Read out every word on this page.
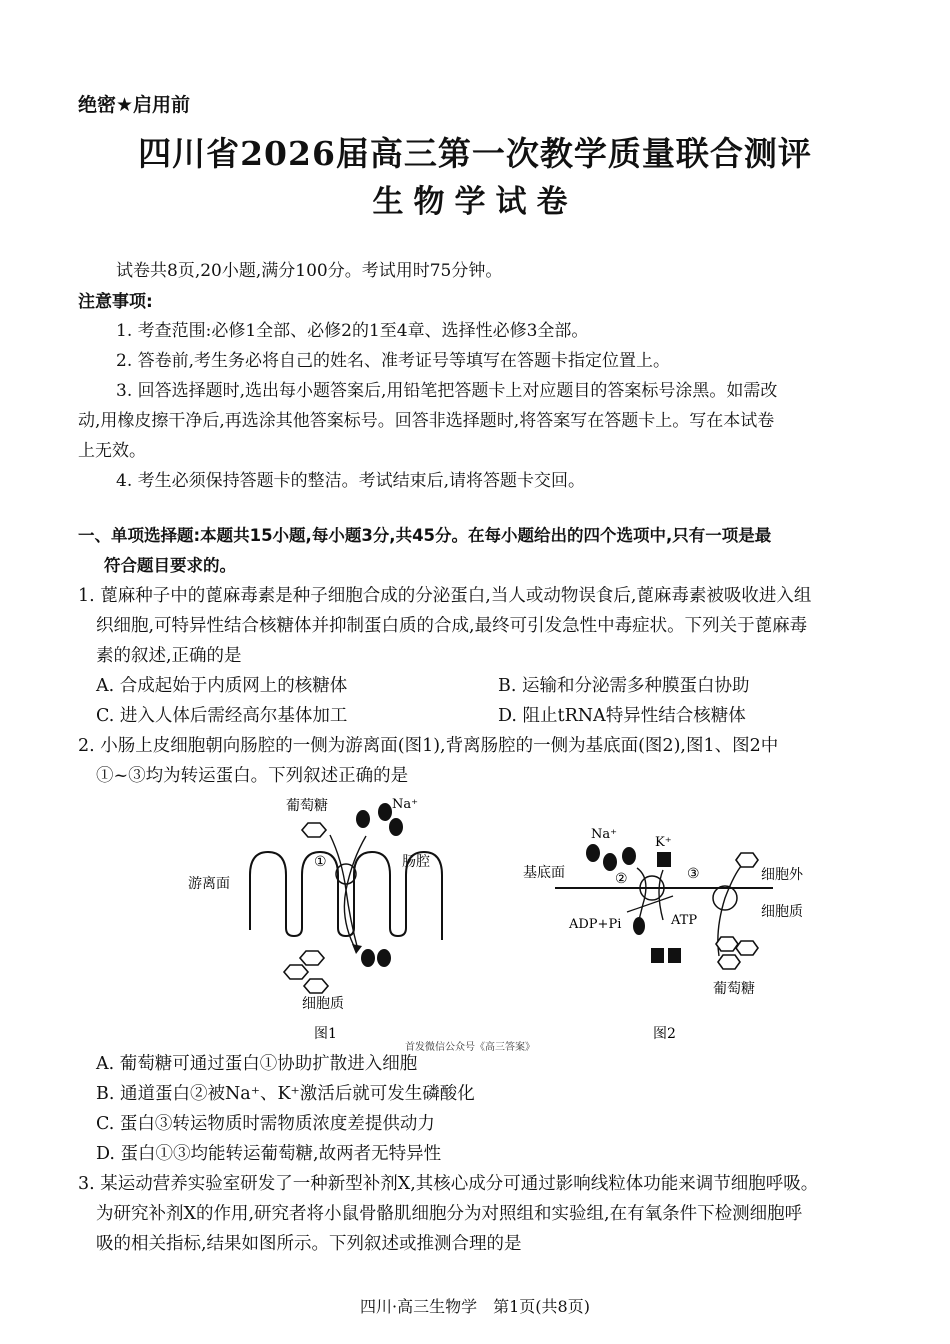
绝密★启用前
四川省2026届高三第一次教学质量联合测评
生物学试卷
试卷共8页,20小题,满分100分。考试用时75分钟。
注意事项:
1. 考查范围:必修1全部、必修2的1至4章、选择性必修3全部。
2. 答卷前,考生务必将自己的姓名、准考证号等填写在答题卡指定位置上。
3. 回答选择题时,选出每小题答案后,用铅笔把答题卡上对应题目的答案标号涂黑。如需改
动,用橡皮擦干净后,再选涂其他答案标号。回答非选择题时,将答案写在答题卡上。写在本试卷
上无效。
4. 考生必须保持答题卡的整洁。考试结束后,请将答题卡交回。
一、单项选择题:本题共15小题,每小题3分,共45分。在每小题给出的四个选项中,只有一项是最
符合题目要求的。
1. 蓖麻种子中的蓖麻毒素是种子细胞合成的分泌蛋白,当人或动物误食后,蓖麻毒素被吸收进入组
织细胞,可特异性结合核糖体并抑制蛋白质的合成,最终可引发急性中毒症状。下列关于蓖麻毒
素的叙述,正确的是
A. 合成起始于内质网上的核糖体	B. 运输和分泌需多种膜蛋白协助
C. 进入人体后需经高尔基体加工	D. 阻止tRNA特异性结合核糖体
2. 小肠上皮细胞朝向肠腔的一侧为游离面(图1),背离肠腔的一侧为基底面(图2),图1、图2中
①~③均为转运蛋白。下列叙述正确的是
葡萄糖	Na⁺
①	肠腔
游离面
细胞质
图1
首发微信公众号《高三答案》
Na⁺
K⁺
基底面	②
ADP+Pi	ATP
③	细胞外
细胞质
葡萄糖
图2
A. 葡萄糖可通过蛋白①协助扩散进入细胞
B. 通道蛋白②被Na⁺、K⁺激活后就可发生磷酸化
C. 蛋白③转运物质时需物质浓度差提供动力
D. 蛋白①③均能转运葡萄糖,故两者无特异性
3. 某运动营养实验室研发了一种新型补剂X,其核心成分可通过影响线粒体功能来调节细胞呼吸。
为研究补剂X的作用,研究者将小鼠骨骼肌细胞分为对照组和实验组,在有氧条件下检测细胞呼
吸的相关指标,结果如图所示。下列叙述或推测合理的是
四川·高三生物学　第1页(共8页)
